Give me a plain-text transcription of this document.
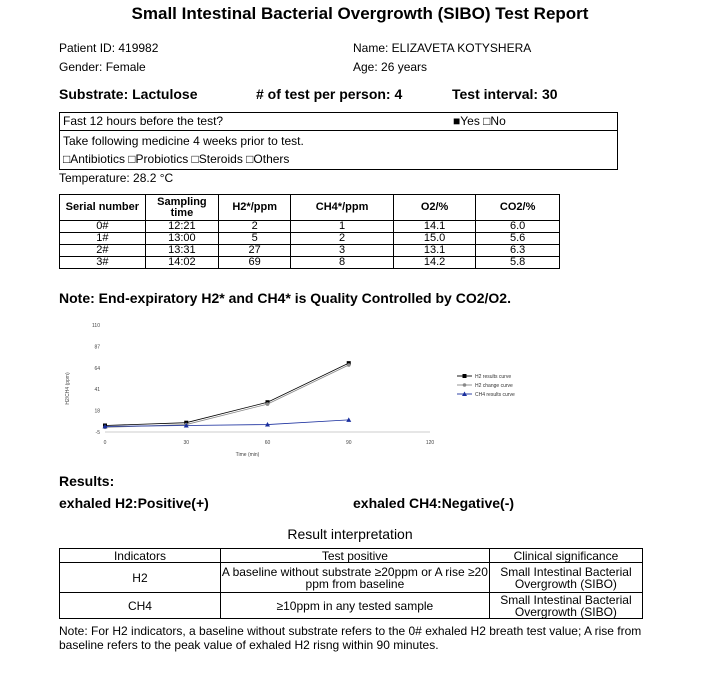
Small Intestinal Bacterial Overgrowth (SIBO) Test Report
Patient ID: 419982	Name: ELIZAVETA KOTYSHERA
Gender: Female	Age: 26 years
Substrate: Lactulose	# of test per person: 4	Test interval: 30
Fast 12 hours before the test?	■Yes □No
Take following medicine 4 weeks prior to test.
□Antibiotics □Probiotics □Steroids □Others
Temperature: 28.2 °C
Serial number	Sampling time	H2*/ppm	CH4*/ppm	O2/%	CO2/%
0#	12:21	2	1	14.1	6.0
1#	13:00	5	2	15.0	5.6
2#	13:31	27	3	13.1	6.3
3#	14:02	69	8	14.2	5.8
Note: End-expiratory H2* and CH4* is Quality Controlled by CO2/O2.
-5
18
41
64
87
110
0	30	60	90	120
Time (min)
H2/CH4 (ppm)	H2 results curve
H2 change curve
CH4 results curve
Results:
exhaled H2:Positive(+)	exhaled CH4:Negative(-)
Result interpretation
Indicators	Test positive	Clinical significance
H2	A baseline without substrate ≥20ppm or A rise ≥20 ppm from baseline	Small Intestinal Bacterial Overgrowth (SIBO)
CH4	≥10ppm in any tested sample	Small Intestinal Bacterial Overgrowth (SIBO)
Note: For H2 indicators, a baseline without substrate refers to the 0# exhaled H2 breath test value; A rise from baseline refers to the peak value of exhaled H2 risng within 90 minutes.
